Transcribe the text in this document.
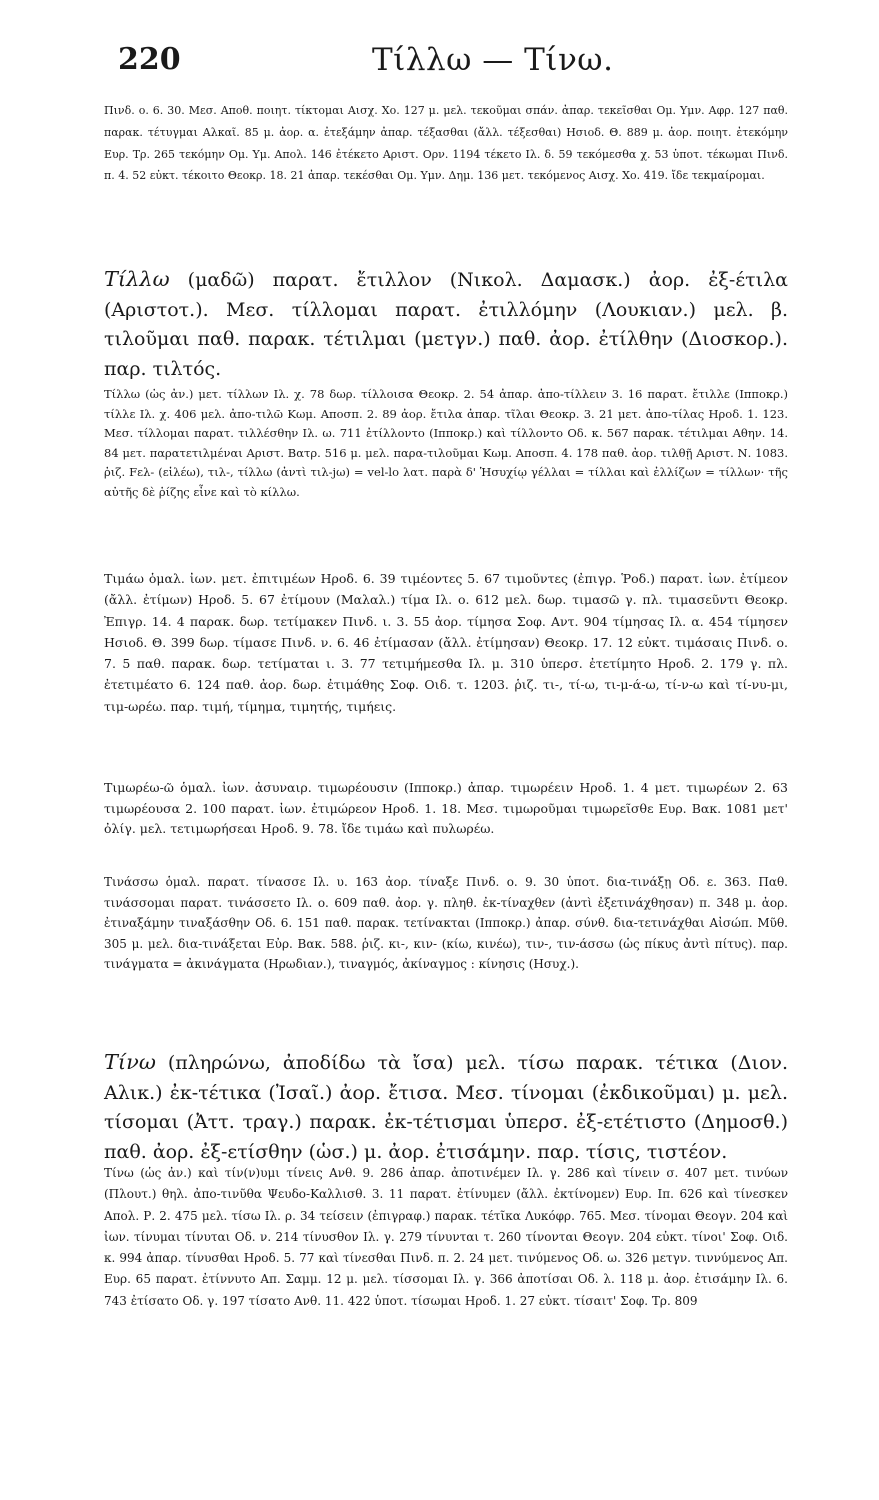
220	Τίλλω — Τίνω.

Πινδ. ο. 6. 30. Μεσ. Αποθ. ποιητ. τίκτομαι Αισχ. Χο. 127 μ. μελ. τεκοῦμαι σπάν. ἀπαρ. τεκεῖσθαι Ομ. Υμν. Αφρ. 127 παθ. παρακ. τέτυγμαι Αλκαῖ. 85 μ. ἀορ. α. ἐτεξάμην ἀπαρ. τέξασθαι (ἄλλ. τέξεσθαι) Ησιοδ. Θ. 889 μ. ἀορ. ποιητ. ἐτεκόμην Ευρ. Τρ. 265 τεκόμην Ομ. Υμ. Απολ. 146 ἐτέκετο Αριστ. Ορν. 1194 τέκετο Ιλ. δ. 59 τεκόμεσθα χ. 53 ὑποτ. τέκωμαι Πινδ. π. 4. 52 εὐκτ. τέκοιτο Θεοκρ. 18. 21 ἀπαρ. τεκέσθαι Ομ. Υμν. Δημ. 136 μετ. τεκόμενος Αισχ. Χο. 419. ἴδε τεκμαίρομαι.

Τίλλω (μαδῶ) παρατ. ἔτιλλον (Νικολ. Δαμασκ.) ἀορ. ἐξ-έτιλα (Αριστοτ.). Μεσ. τίλλομαι παρατ. ἐτιλλόμην (Λουκιαν.) μελ. β. τιλοῦμαι παθ. παρακ. τέτιλμαι (μετγν.) παθ. ἀορ. ἐτίλθην (Διοσκορ.). παρ. τιλτός.

Τίλλω (ὡς ἀν.) μετ. τίλλων Ιλ. χ. 78 δωρ. τίλλοισα Θεοκρ. 2. 54 ἀπαρ. ἀπο-τίλλειν 3. 16 παρατ. ἔτιλλε (Ιπποκρ.) τίλλε Ιλ. χ. 406 μελ. ἀπο-τιλῶ Κωμ. Αποσπ. 2. 89 ἀορ. ἔτιλα ἀπαρ. τῖλαι Θεοκρ. 3. 21 μετ. ἀπο-τίλας Ηροδ. 1. 123. Μεσ. τίλλομαι παρατ. τιλλέσθην Ιλ. ω. 711 ἐτίλλοντο (Ιπποκρ.) καὶ τίλλοντο Οδ. κ. 567 παρακ. τέτιλμαι Αθην. 14. 84 μετ. παρατετιλμέναι Αριστ. Βατρ. 516 μ. μελ. παρα-τιλοῦμαι Κωμ. Αποσπ. 4. 178 παθ. ἀορ. τιλθῇ Αριστ. Ν. 1083. ῥιζ. Fελ- (εἱλέω), τιλ-, τίλλω (ἀντὶ τιλ-jω) = vel-lo λατ. παρὰ δ' Ἡσυχίῳ γέλλαι = τίλλαι καὶ ἐλλίζων = τίλλων· τῆς αὐτῆς δὲ ῥίζης εἶνε καὶ τὸ κίλλω.

Τιμάω ὁμαλ. ἰων. μετ. ἐπιτιμέων Ηροδ. 6. 39 τιμέοντες 5. 67 τιμοῦντες (ἐπιγρ. Ῥοδ.) παρατ. ἰων. ἐτίμεον (ἄλλ. ἐτίμων) Ηροδ. 5. 67 ἐτίμουν (Μαλαλ.) τίμα Ιλ. ο. 612 μελ. δωρ. τιμασῶ γ. πλ. τιμασεῦντι Θεοκρ. Ἐπιγρ. 14. 4 παρακ. δωρ. τετίμακεν Πινδ. ι. 3. 55 ἀορ. τίμησα Σοφ. Αντ. 904 τίμησας Ιλ. α. 454 τίμησεν Ησιοδ. Θ. 399 δωρ. τίμασε Πινδ. ν. 6. 46 ἐτίμασαν (ἄλλ. ἐτίμησαν) Θεοκρ. 17. 12 εὐκτ. τιμάσαις Πινδ. ο. 7. 5 παθ. παρακ. δωρ. τετίμαται ι. 3. 77 τετιμήμεσθα Ιλ. μ. 310 ὑπερσ. ἐτετίμητο Ηροδ. 2. 179 γ. πλ. ἐτετιμέατο 6. 124 παθ. ἀορ. δωρ. ἐτιμάθης Σοφ. Οιδ. τ. 1203. ῥιζ. τι-, τί-ω, τι-μ-ά-ω, τί-ν-ω καὶ τί-νυ-μι, τιμ-ωρέω. παρ. τιμή, τίμημα, τιμητής, τιμήεις.

Τιμωρέω-ῶ ὁμαλ. ἰων. ἀσυναιρ. τιμωρέουσιν (Ιπποκρ.) ἀπαρ. τιμωρέειν Ηροδ. 1. 4 μετ. τιμωρέων 2. 63 τιμωρέουσα 2. 100 παρατ. ἰων. ἐτιμώρεον Ηροδ. 1. 18. Μεσ. τιμωροῦμαι τιμωρεῖσθε Ευρ. Βακ. 1081 μετ' ὀλίγ. μελ. τετιμωρήσεαι Ηροδ. 9. 78. ἴδε τιμάω καὶ πυλωρέω.

Τινάσσω ὁμαλ. παρατ. τίνασσε Ιλ. υ. 163 ἀορ. τίναξε Πινδ. ο. 9. 30 ὑποτ. δια-τινάξῃ Οδ. ε. 363. Παθ. τινάσσομαι παρατ. τινάσσετο Ιλ. ο. 609 παθ. ἀορ. γ. πληθ. ἐκ-τίναχθεν (ἀντὶ ἐξετινάχθησαν) π. 348 μ. ἀορ. ἐτιναξάμην τιναξάσθην Οδ. 6. 151 παθ. παρακ. τετίνακται (Ιπποκρ.) ἀπαρ. σύνθ. δια-τετινάχθαι Αἰσώπ. Μῦθ. 305 μ. μελ. δια-τινάξεται Εὐρ. Βακ. 588. ῥιζ. κι-, κιν- (κίω, κινέω), τιν-, τιν-άσσω (ὡς πίκυς ἀντὶ πίτυς). παρ. τινάγματα = ἀκινάγματα (Ηρωδιαν.), τιναγμός, ἀκίναγμος : κίνησις (Ησυχ.).

Τίνω (πληρώνω, ἀποδίδω τὰ ἴσα) μελ. τίσω παρακ. τέτικα (Διον. Αλικ.) ἐκ-τέτικα (Ἰσαῖ.) ἀορ. ἔτισα. Μεσ. τίνομαι (ἐκδικοῦμαι) μ. μελ. τίσομαι (Ἀττ. τραγ.) παρακ. ἐκ-τέτισμαι ὑπερσ. ἐξ-ετέτιστο (Δημοσθ.) παθ. ἀορ. ἐξ-ετίσθην (ὡσ.) μ. ἀορ. ἐτισάμην. παρ. τίσις, τιστέον.

Τίνω (ὡς ἀν.) καὶ τίν(ν)υμι τίνεις Ανθ. 9. 286 ἀπαρ. ἀποτινέμεν Ιλ. γ. 286 καὶ τίνειν σ. 407 μετ. τινύων (Πλουτ.) θηλ. ἀπο-τινῦθα Ψευδο-Καλλισθ. 3. 11 παρατ. ἐτίνυμεν (ἄλλ. ἐκτίνομεν) Ευρ. Ιπ. 626 καὶ τίνεσκεν Απολ. Ρ. 2. 475 μελ. τίσω Ιλ. ρ. 34 τείσειν (ἐπιγραφ.) παρακ. τέτῖκα Λυκόφρ. 765. Μεσ. τίνομαι Θεογν. 204 καὶ ἰων. τίνυμαι τίνυται Οδ. ν. 214 τίνυσθον Ιλ. γ. 279 τίνυνται τ. 260 τίνονται Θεογν. 204 εὐκτ. τίνοι' Σοφ. Οιδ. κ. 994 ἀπαρ. τίνυσθαι Ηροδ. 5. 77 καὶ τίνεσθαι Πινδ. π. 2. 24 μετ. τινύμενος Οδ. ω. 326 μετγν. τιννύμενος Απ. Ευρ. 65 παρατ. ἐτίννυτο Απ. Σαμμ. 12 μ. μελ. τίσσομαι Ιλ. γ. 366 ἀποτίσαι Οδ. λ. 118 μ. ἀορ. ἐτισάμην Ιλ. 6. 743 ἐτίσατο Οδ. γ. 197 τίσατο Ανθ. 11. 422 ὑποτ. τίσωμαι Ηροδ. 1. 27 εὐκτ. τίσαιτ' Σοφ. Τρ. 809
